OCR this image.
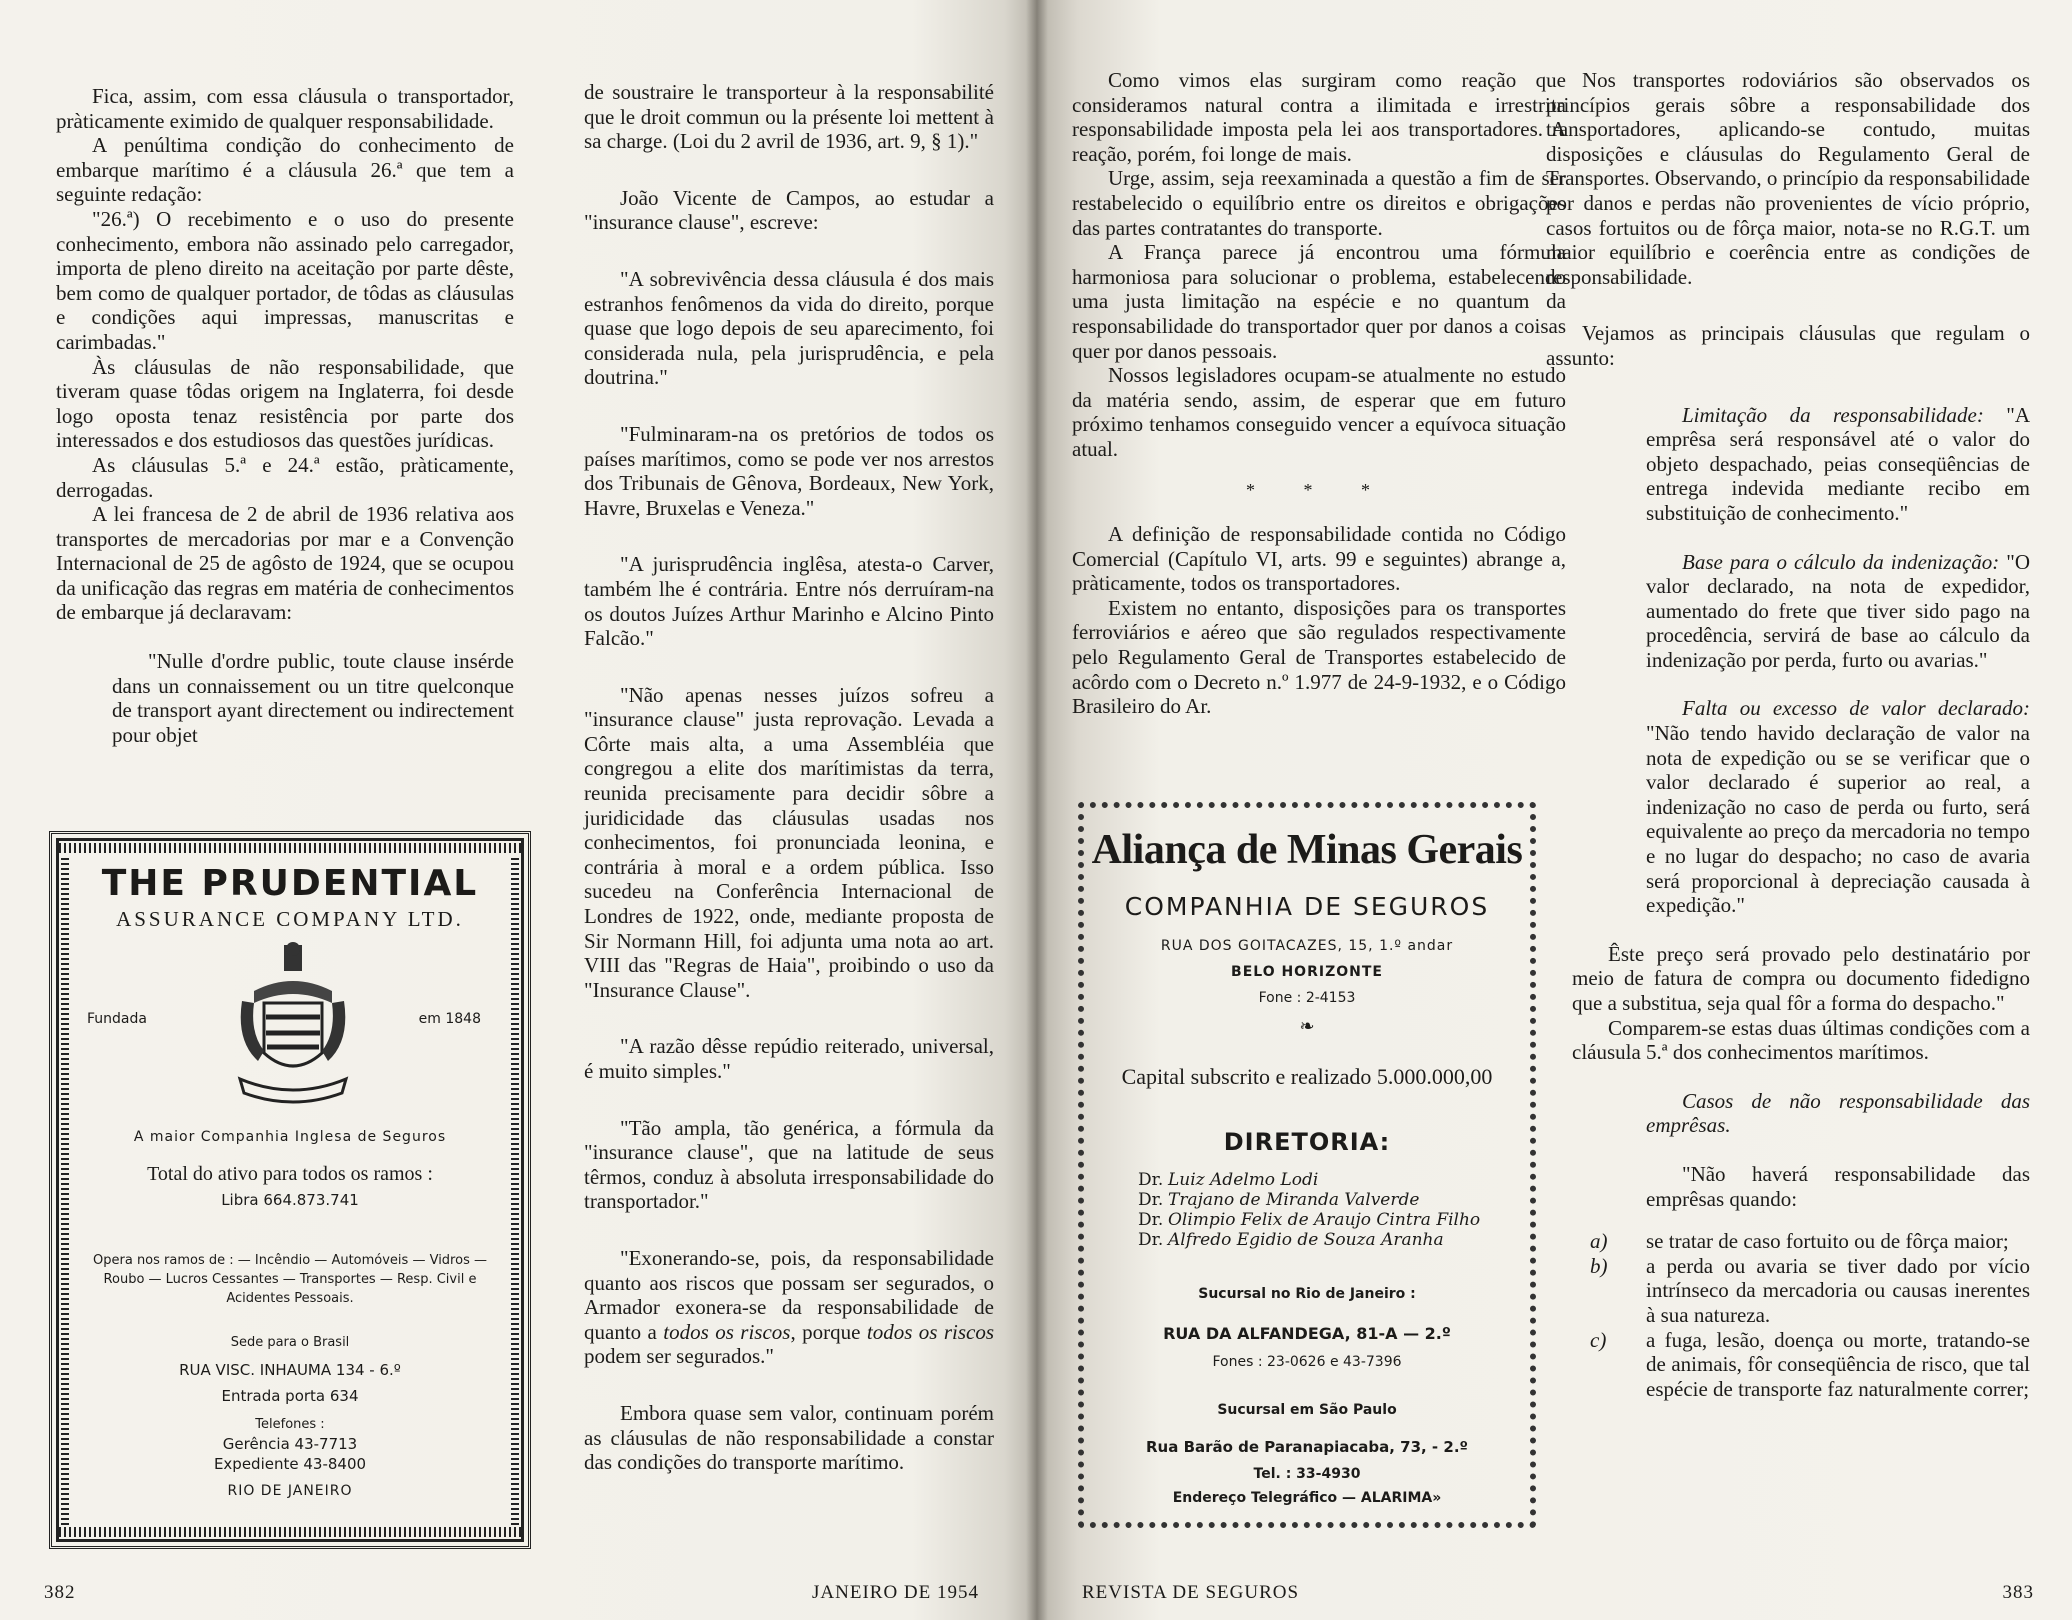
Fica, assim, com essa cláusula o transportador, pràticamente eximido de qualquer responsabilidade.

A penúltima condição do conhecimento de embarque marítimo é a cláusula 26.ª que tem a seguinte redação:

"26.ª) O recebimento e o uso do presente conhecimento, embora não assinado pelo carregador, importa de pleno direito na aceitação por parte dêste, bem como de qualquer portador, de tôdas as cláusulas e condições aqui impressas, manuscritas e carimbadas."

Às cláusulas de não responsabilidade, que tiveram quase tôdas origem na Inglaterra, foi desde logo oposta tenaz resistência por parte dos interessados e dos estudiosos das questões jurídicas.

As cláusulas 5.ª e 24.ª estão, pràticamente, derrogadas.

A lei francesa de 2 de abril de 1936 relativa aos transportes de mercadorias por mar e a Convenção Internacional de 25 de agôsto de 1924, que se ocupou da unificação das regras em matéria de conhecimentos de embarque já declaravam:

"Nulle d'ordre public, toute clause insérde dans un connaissement ou un titre quelconque de transport ayant directement ou indirectement pour objet

de soustraire le transporteur à la responsabilité que le droit commun ou la présente loi mettent à sa charge. (Loi du 2 avril de 1936, art. 9, § 1)."

João Vicente de Campos, ao estudar a "insurance clause", escreve:

"A sobrevivência dessa cláusula é dos mais estranhos fenômenos da vida do direito, porque quase que logo depois de seu aparecimento, foi considerada nula, pela jurisprudência, e pela doutrina."

"Fulminaram-na os pretórios de todos os países marítimos, como se pode ver nos arrestos dos Tribunais de Gênova, Bordeaux, New York, Havre, Bruxelas e Veneza."

"A jurisprudência inglêsa, atesta-o Carver, também lhe é contrária. Entre nós derruíram-na os doutos Juízes Arthur Marinho e Alcino Pinto Falcão."

"Não apenas nesses juízos sofreu a "insurance clause" justa reprovação. Levada a Côrte mais alta, a uma Assembléia que congregou a elite dos marítimistas da terra, reunida precisamente para decidir sôbre a juridicidade das cláusulas usadas nos conhecimentos, foi pronunciada leonina, e contrária à moral e a ordem pública. Isso sucedeu na Conferência Internacional de Londres de 1922, onde, mediante proposta de Sir Normann Hill, foi adjunta uma nota ao art. VIII das "Regras de Haia", proibindo o uso da "Insurance Clause".

"A razão dêsse repúdio reiterado, universal, é muito simples."

"Tão ampla, tão genérica, a fórmula da "insurance clause", que na latitude de seus têrmos, conduz à absoluta irresponsabilidade do transportador."

"Exonerando-se, pois, da responsabilidade quanto aos riscos que possam ser segurados, o Armador exonera-se da responsabilidade de quanto a todos os riscos, porque todos os riscos podem ser segurados."

Embora quase sem valor, continuam porém as cláusulas de não responsabilidade a constar das condições do transporte marítimo.

THE PRUDENTIAL
ASSURANCE COMPANY LTD.
Fundada	em 1848
A maior Companhia Inglesa de Seguros
Total do ativo para todos os ramos :
Libra 664.873.741
Opera nos ramos de : — Incêndio — Automóveis — Vidros — Roubo — Lucros Cessantes — Transportes — Resp. Civil e Acidentes Pessoais.
Sede para o Brasil
RUA VISC. INHAUMA 134 - 6.º
Entrada porta 634
Telefones :
Gerência 43-7713
Expediente 43-8400
RIO DE JANEIRO
382	JANEIRO DE 1954

Como vimos elas surgiram como reação que consideramos natural contra a ilimitada e irrestrita responsabilidade imposta pela lei aos transportadores. A reação, porém, foi longe de mais.

Urge, assim, seja reexaminada a questão a fim de ser restabelecido o equilíbrio entre os direitos e obrigações das partes contratantes do transporte.

A França parece já encontrou uma fórmula harmoniosa para solucionar o problema, estabelecendo uma justa limitação na espécie e no quantum da responsabilidade do transportador quer por danos a coisas quer por danos pessoais.

Nossos legisladores ocupam-se atualmente no estudo da matéria sendo, assim, de esperar que em futuro próximo tenhamos conseguido vencer a equívoca situação atual.

* * *

A definição de responsabilidade contida no Código Comercial (Capítulo VI, arts. 99 e seguintes) abrange a, pràticamente, todos os transportadores.

Existem no entanto, disposições para os transportes ferroviários e aéreo que são regulados respectivamente pelo Regulamento Geral de Transportes estabelecido de acôrdo com o Decreto n.º 1.977 de 24-9-1932, e o Código Brasileiro do Ar.

Aliança de Minas Gerais
COMPANHIA DE SEGUROS
RUA DOS GOITACAZES, 15, 1.º andar
BELO HORIZONTE
Fone : 2-4153
❧
Capital subscrito e realizado 5.000.000,00
DIRETORIA:
Dr. Luiz Adelmo Lodi
Dr. Trajano de Miranda Valverde
Dr. Olimpio Felix de Araujo Cintra Filho
Dr. Alfredo Egidio de Souza Aranha
Sucursal no Rio de Janeiro :
RUA DA ALFANDEGA, 81-A — 2.º
Fones : 23-0626 e 43-7396
Sucursal em São Paulo
Rua Barão de Paranapiacaba, 73, - 2.º
Tel. : 33-4930
Endereço Telegráfico — ALARIMA»

Nos transportes rodoviários são observados os princípios gerais sôbre a responsabilidade dos transportadores, aplicando-se contudo, muitas disposições e cláusulas do Regulamento Geral de Transportes. Observando, o princípio da responsabilidade por danos e perdas não provenientes de vício próprio, casos fortuitos ou de fôrça maior, nota-se no R.G.T. um maior equilíbrio e coerência entre as condições de responsabilidade.

Vejamos as principais cláusulas que regulam o assunto:

Limitação da responsabilidade: "A emprêsa será responsável até o valor do objeto despachado, peias conseqüências de entrega indevida mediante recibo em substituição de conhecimento."

Base para o cálculo da indenização: "O valor declarado, na nota de expedidor, aumentado do frete que tiver sido pago na procedência, servirá de base ao cálculo da indenização por perda, furto ou avarias."

Falta ou excesso de valor declarado: "Não tendo havido declaração de valor na nota de expedição ou se se verificar que o valor declarado é superior ao real, a indenização no caso de perda ou furto, será equivalente ao preço da mercadoria no tempo e no lugar do despacho; no caso de avaria será proporcional à depreciação causada à expedição."

Êste preço será provado pelo destinatário por meio de fatura de compra ou documento fidedigno que a substitua, seja qual fôr a forma do despacho."

Comparem-se estas duas últimas condições com a cláusula 5.ª dos conhecimentos marítimos.

Casos de não responsabilidade das emprêsas.

"Não haverá responsabilidade das emprêsas quando:

a)	se tratar de caso fortuito ou de fôrça maior;
b)	a perda ou avaria se tiver dado por vício intrínseco da mercadoria ou causas inerentes à sua natureza.
c)	a fuga, lesão, doença ou morte, tratando-se de animais, fôr conseqüência de risco, que tal espécie de transporte faz naturalmente correr;
REVISTA DE SEGUROS	383
